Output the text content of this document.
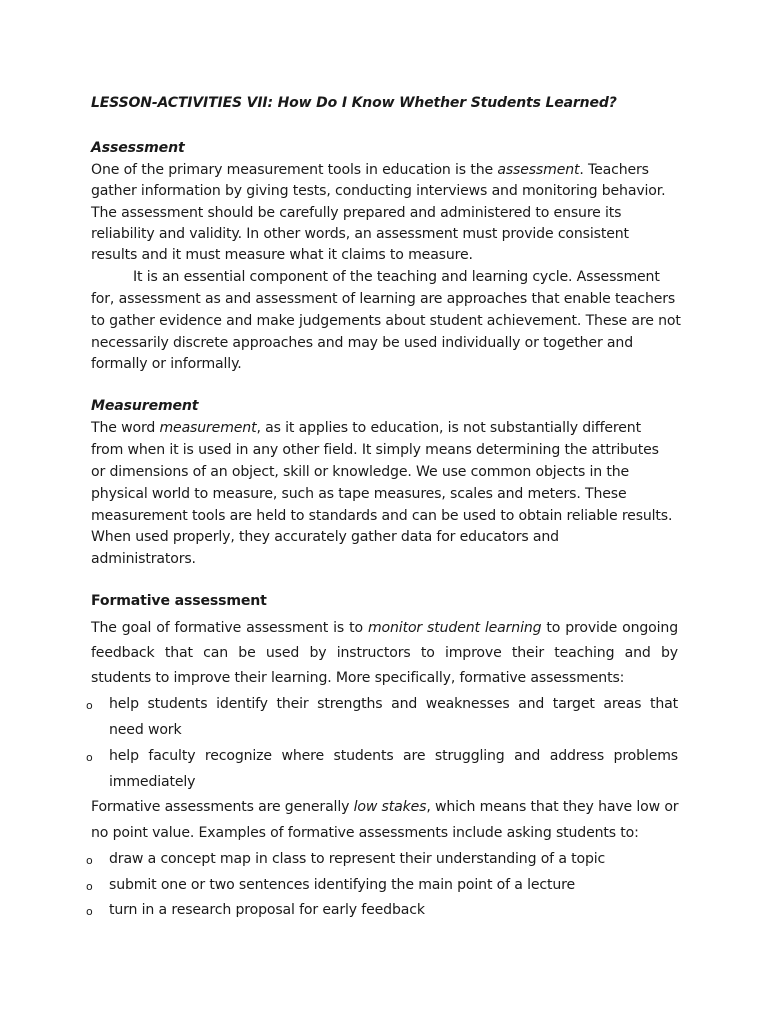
LESSON-ACTIVITIES VII: How Do I Know Whether Students Learned?
Assessment
One of the primary measurement tools in education is the assessment. Teachers
gather information by giving tests, conducting interviews and monitoring behavior.
The assessment should be carefully prepared and administered to ensure its
reliability and validity. In other words, an assessment must provide consistent
results and it must measure what it claims to measure.
It is an essential component of the teaching and learning cycle. Assessment
for, assessment as and assessment of learning are approaches that enable teachers
to gather evidence and make judgements about student achievement. These are not
necessarily discrete approaches and may be used individually or together and
formally or informally.
Measurement
The word measurement, as it applies to education, is not substantially different
from when it is used in any other field. It simply means determining the attributes
or dimensions of an object, skill or knowledge. We use common objects in the
physical world to measure, such as tape measures, scales and meters. These
measurement tools are held to standards and can be used to obtain reliable results.
When used properly, they accurately gather data for educators and
administrators.
Formative assessment
The goal of formative assessment is to monitor student learning to provide ongoing
feedback that can be used by instructors to improve their teaching and by
students to improve their learning. More specifically, formative assessments:
o help students identify their strengths and weaknesses and target areas that
need work
o help faculty recognize where students are struggling and address problems
immediately
Formative assessments are generally low stakes, which means that they have low or
no point value. Examples of formative assessments include asking students to:
o draw a concept map in class to represent their understanding of a topic
o submit one or two sentences identifying the main point of a lecture
o turn in a research proposal for early feedback
